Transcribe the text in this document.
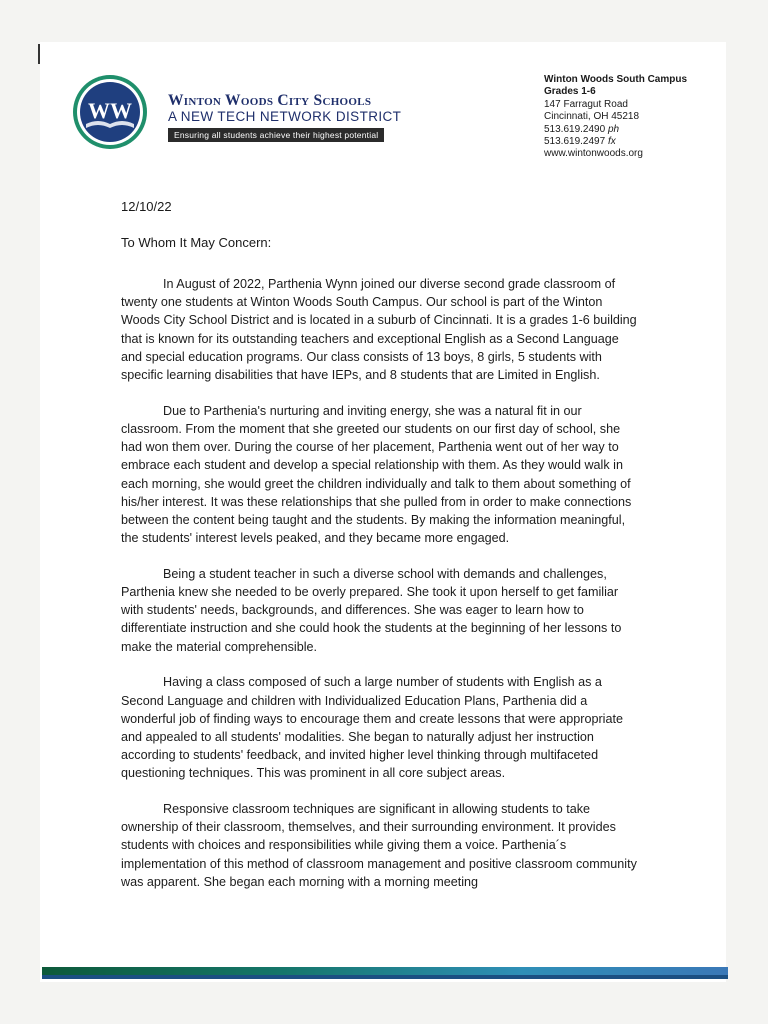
WW Winton Woods City Schools
A NEW TECH NETWORK DISTRICT
Ensuring all students achieve their highest potential
Winton Woods South Campus
Grades 1-6
147 Farragut Road
Cincinnati, OH 45218
513.619.2490 ph
513.619.2497 fx
www.wintonwoods.org
12/10/22
To Whom It May Concern:

In August of 2022, Parthenia Wynn joined our diverse second grade classroom of twenty one students at Winton Woods South Campus. Our school is part of the Winton Woods City School District and is located in a suburb of Cincinnati. It is a grades 1-6 building that is known for its outstanding teachers and exceptional English as a Second Language and special education programs. Our class consists of 13 boys, 8 girls, 5 students with specific learning disabilities that have IEPs, and 8 students that are Limited in English.

Due to Parthenia's nurturing and inviting energy, she was a natural fit in our classroom. From the moment that she greeted our students on our first day of school, she had won them over. During the course of her placement, Parthenia went out of her way to embrace each student and develop a special relationship with them. As they would walk in each morning, she would greet the children individually and talk to them about something of his/her interest. It was these relationships that she pulled from in order to make connections between the content being taught and the students. By making the information meaningful, the students' interest levels peaked, and they became more engaged.

Being a student teacher in such a diverse school with demands and challenges, Parthenia knew she needed to be overly prepared. She took it upon herself to get familiar with students' needs, backgrounds, and differences. She was eager to learn how to differentiate instruction and she could hook the students at the beginning of her lessons to make the material comprehensible.

Having a class composed of such a large number of students with English as a Second Language and children with Individualized Education Plans, Parthenia did a wonderful job of finding ways to encourage them and create lessons that were appropriate and appealed to all students' modalities. She began to naturally adjust her instruction according to students' feedback, and invited higher level thinking through multifaceted questioning techniques. This was prominent in all core subject areas.

Responsive classroom techniques are significant in allowing students to take ownership of their classroom, themselves, and their surrounding environment. It provides students with choices and responsibilities while giving them a voice. Parthenia´s implementation of this method of classroom management and positive classroom community was apparent. She began each morning with a morning meeting
